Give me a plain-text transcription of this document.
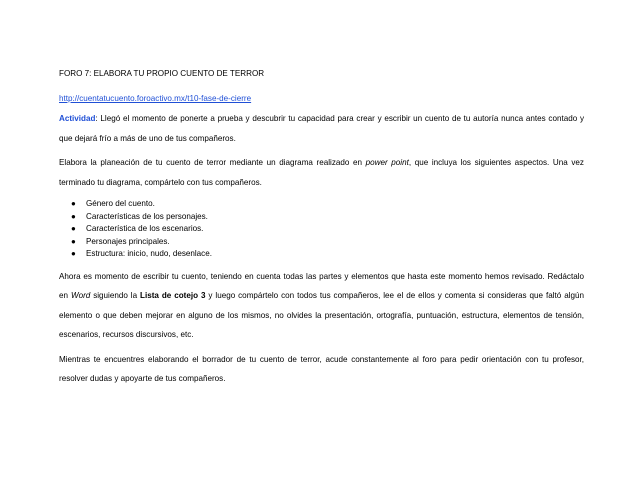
FORO 7: ELABORA TU PROPIO CUENTO DE TERROR
http://cuentatucuento.foroactivo.mx/t10-fase-de-cierre

Actividad: Llegó el momento de ponerte a prueba y descubrir tu capacidad para crear y escribir un cuento de tu autoría nunca antes contado y que dejará frío a más de uno de tus compañeros.

Elabora la planeación de tu cuento de terror mediante un diagrama realizado en power point, que incluya los siguientes aspectos. Una vez terminado tu diagrama, compártelo con tus compañeros.

● Género del cuento.
● Características de los personajes.
● Característica de los escenarios.
● Personajes principales.
● Estructura: inicio, nudo, desenlace.

Ahora es momento de escribir tu cuento, teniendo en cuenta todas las partes y elementos que hasta este momento hemos revisado. Redáctalo en Word siguiendo la Lista de cotejo 3 y luego compártelo con todos tus compañeros, lee el de ellos y comenta si consideras que faltó algún elemento o que deben mejorar en alguno de los mismos, no olvides la presentación, ortografía, puntuación, estructura, elementos de tensión, escenarios, recursos discursivos, etc.

Mientras te encuentres elaborando el borrador de tu cuento de terror, acude constantemente al foro para pedir orientación con tu profesor, resolver dudas y apoyarte de tus compañeros.
